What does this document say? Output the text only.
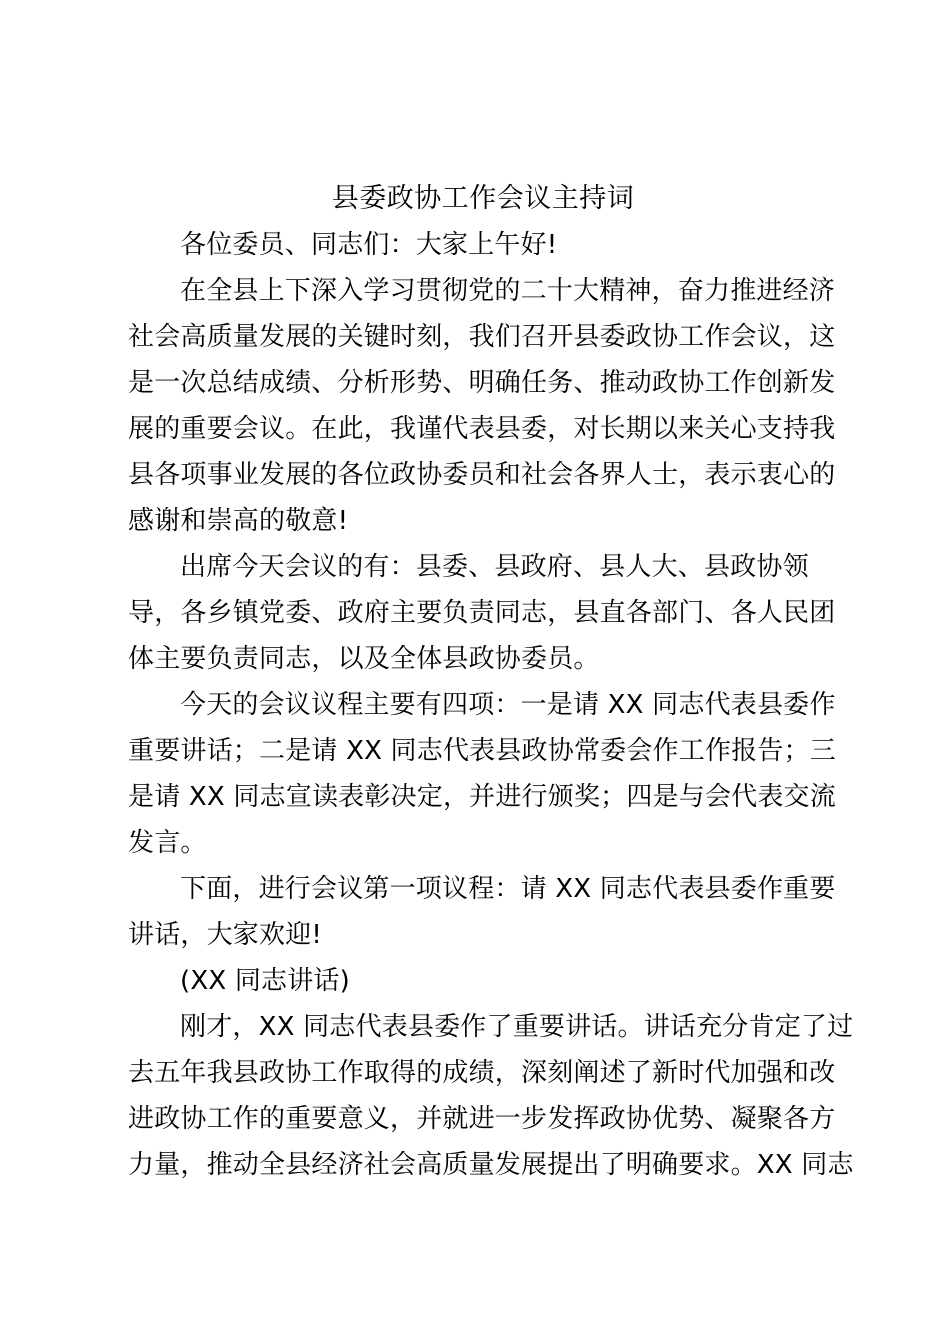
县委政协工作会议主持词

各位委员、同志们：大家上午好!

在全县上下深入学习贯彻党的二十大精神，奋力推进经济
社会高质量发展的关键时刻，我们召开县委政协工作会议，这
是一次总结成绩、分析形势、明确任务、推动政协工作创新发
展的重要会议。在此，我谨代表县委，对长期以来关心支持我
县各项事业发展的各位政协委员和社会各界人士，表示衷心的
感谢和崇高的敬意!

出席今天会议的有：县委、县政府、县人大、县政协领
导，各乡镇党委、政府主要负责同志，县直各部门、各人民团
体主要负责同志，以及全体县政协委员。

今天的会议议程主要有四项：一是请 XX 同志代表县委作
重要讲话；二是请 XX 同志代表县政协常委会作工作报告；三
是请 XX 同志宣读表彰决定，并进行颁奖；四是与会代表交流
发言。

下面，进行会议第一项议程：请 XX 同志代表县委作重要
讲话，大家欢迎!

(XX 同志讲话)

刚才，XX 同志代表县委作了重要讲话。讲话充分肯定了过
去五年我县政协工作取得的成绩，深刻阐述了新时代加强和改
进政协工作的重要意义，并就进一步发挥政协优势、凝聚各方
力量，推动全县经济社会高质量发展提出了明确要求。XX 同志
